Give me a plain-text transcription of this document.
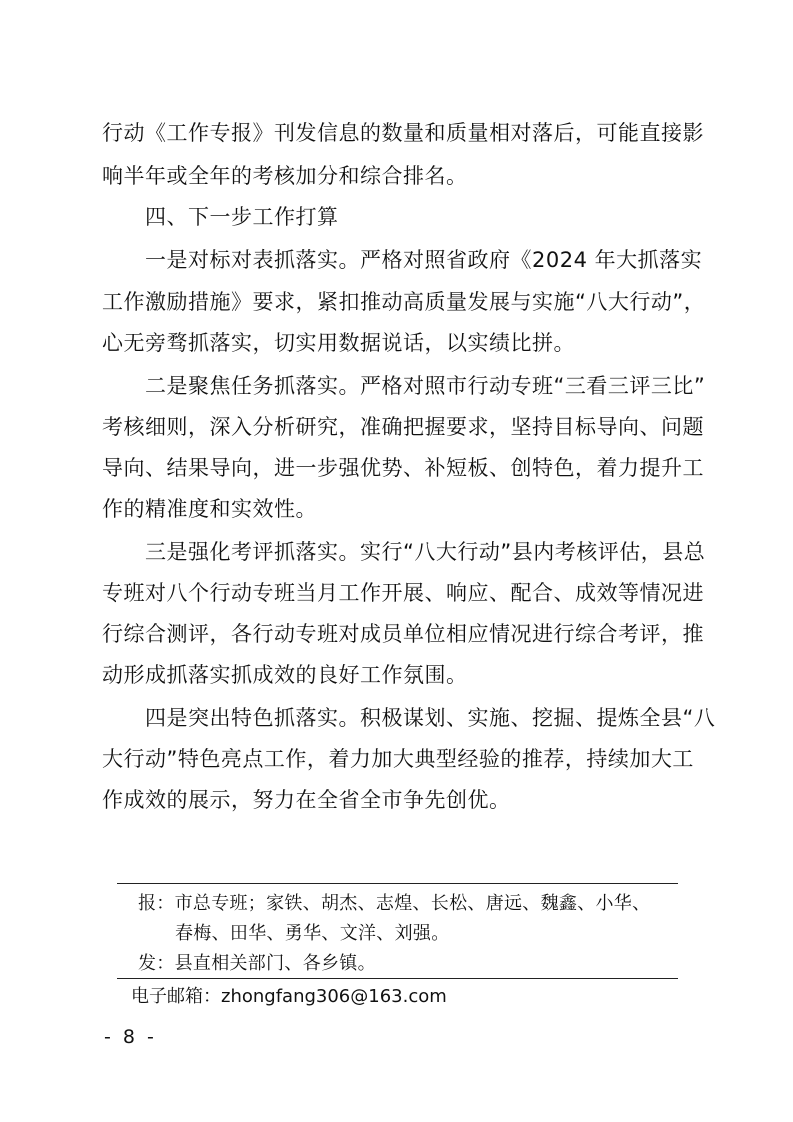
行动《工作专报》刊发信息的数量和质量相对落后，可能直接影
响半年或全年的考核加分和综合排名。
四、下一步工作打算
一是对标对表抓落实。严格对照省政府《2024 年大抓落实
工作激励措施》要求，紧扣推动高质量发展与实施“八大行动”，
心无旁骛抓落实，切实用数据说话，以实绩比拼。
二是聚焦任务抓落实。严格对照市行动专班“三看三评三比”
考核细则，深入分析研究，准确把握要求，坚持目标导向、问题
导向、结果导向，进一步强优势、补短板、创特色，着力提升工
作的精准度和实效性。
三是强化考评抓落实。实行“八大行动”县内考核评估，县总
专班对八个行动专班当月工作开展、响应、配合、成效等情况进
行综合测评，各行动专班对成员单位相应情况进行综合考评，推
动形成抓落实抓成效的良好工作氛围。
四是突出特色抓落实。积极谋划、实施、挖掘、提炼全县“八
大行动”特色亮点工作，着力加大典型经验的推荐，持续加大工
作成效的展示，努力在全省全市争先创优。
报：市总专班；家铁、胡杰、志煌、长松、唐远、魏鑫、小华、
春梅、田华、勇华、文洋、刘强。
发：县直相关部门、各乡镇。
电子邮箱：zhongfang306@163.com
- 8 -
